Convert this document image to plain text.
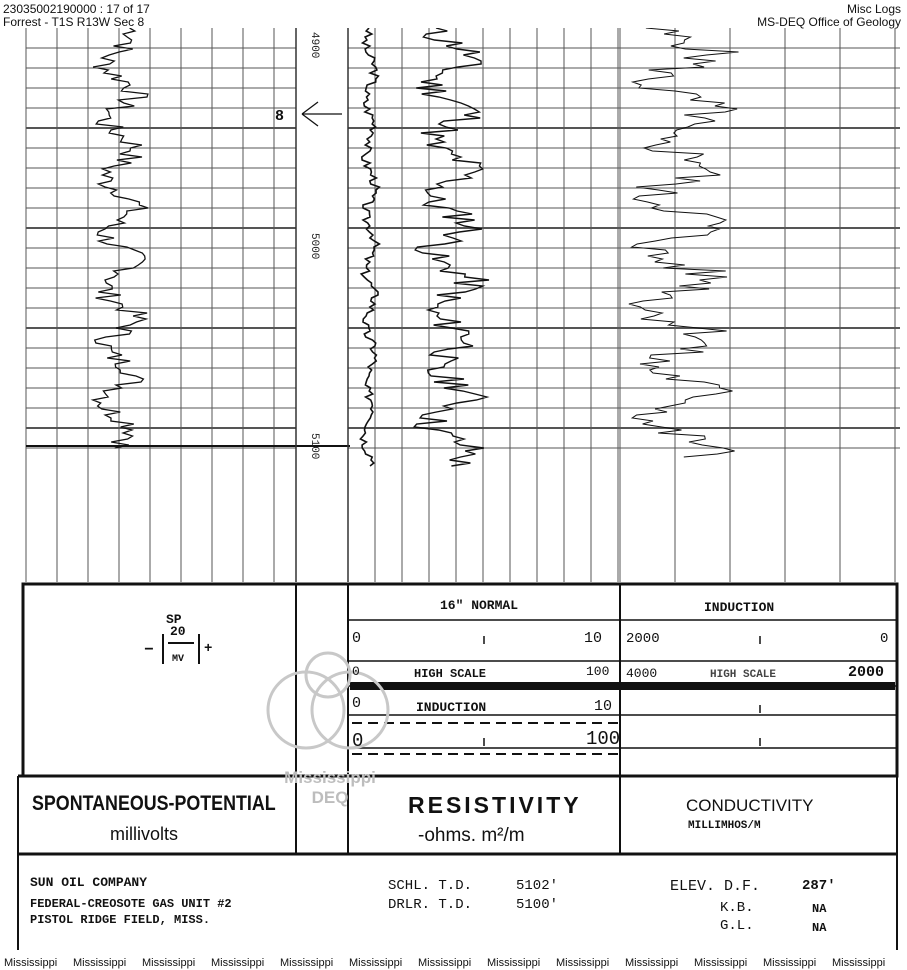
23035002190000 : 17 of 17
Forrest - T1S R13W Sec 8
Misc Logs
MS-DEQ Office of Geology
4900
5000
5100
8
SP
20
MV
−	+
16" NORMAL
0	10
0	HIGH SCALE	100
0	INDUCTION	10
0	100
INDUCTION
2000	0
4000	HIGH SCALE	2000
SPONTANEOUS-POTENTIAL
millivolts
RESISTIVITY
-ohms. m²/m
CONDUCTIVITY
MILLIMHOS/M
Mississippi
DEQ
SUN OIL COMPANY
FEDERAL-CREOSOTE GAS UNIT #2
PISTOL RIDGE FIELD, MISS.
SCHL. T.D.	5102'
DRLR. T.D.	5100'
ELEV. D.F.	287'
K.B.	NA
G.L.	NA
Mississippi Mississippi Mississippi Mississippi Mississippi Mississippi Mississippi Mississippi Mississippi Mississippi Mississippi Mississippi Mississippi
